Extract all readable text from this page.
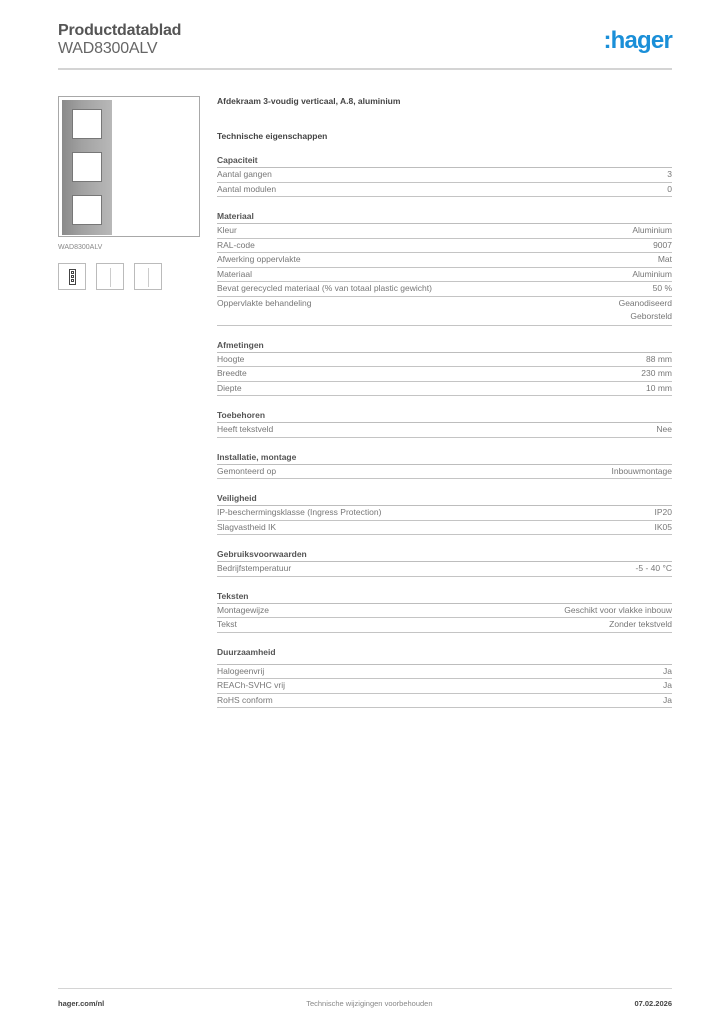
Productdatablad
WAD8300ALV	:hager
WAD8300ALV
Afdekraam 3-voudig verticaal, A.8, aluminium
Technische eigenschappen
Capaciteit
Aantal gangen	3
Aantal modulen	0
Materiaal
Kleur	Aluminium
RAL-code	9007
Afwerking oppervlakte	Mat
Materiaal	Aluminium
Bevat gerecycled materiaal (% van totaal plastic gewicht)	50 %
Oppervlakte behandeling	Geanodiseerd
Geborsteld
Afmetingen
Hoogte	88 mm
Breedte	230 mm
Diepte	10 mm
Toebehoren
Heeft tekstveld	Nee
Installatie, montage
Gemonteerd op	Inbouwmontage
Veiligheid
IP-beschermingsklasse (Ingress Protection)	IP20
Slagvastheid IK	IK05
Gebruiksvoorwaarden
Bedrijfstemperatuur	-5 - 40 °C
Teksten
Montagewijze	Geschikt voor vlakke inbouw
Tekst	Zonder tekstveld
Duurzaamheid
Halogeenvrij	Ja
REACh-SVHC vrij	Ja
RoHS conform	Ja
hager.com/nl	Technische wijzigingen voorbehouden	07.02.2026
